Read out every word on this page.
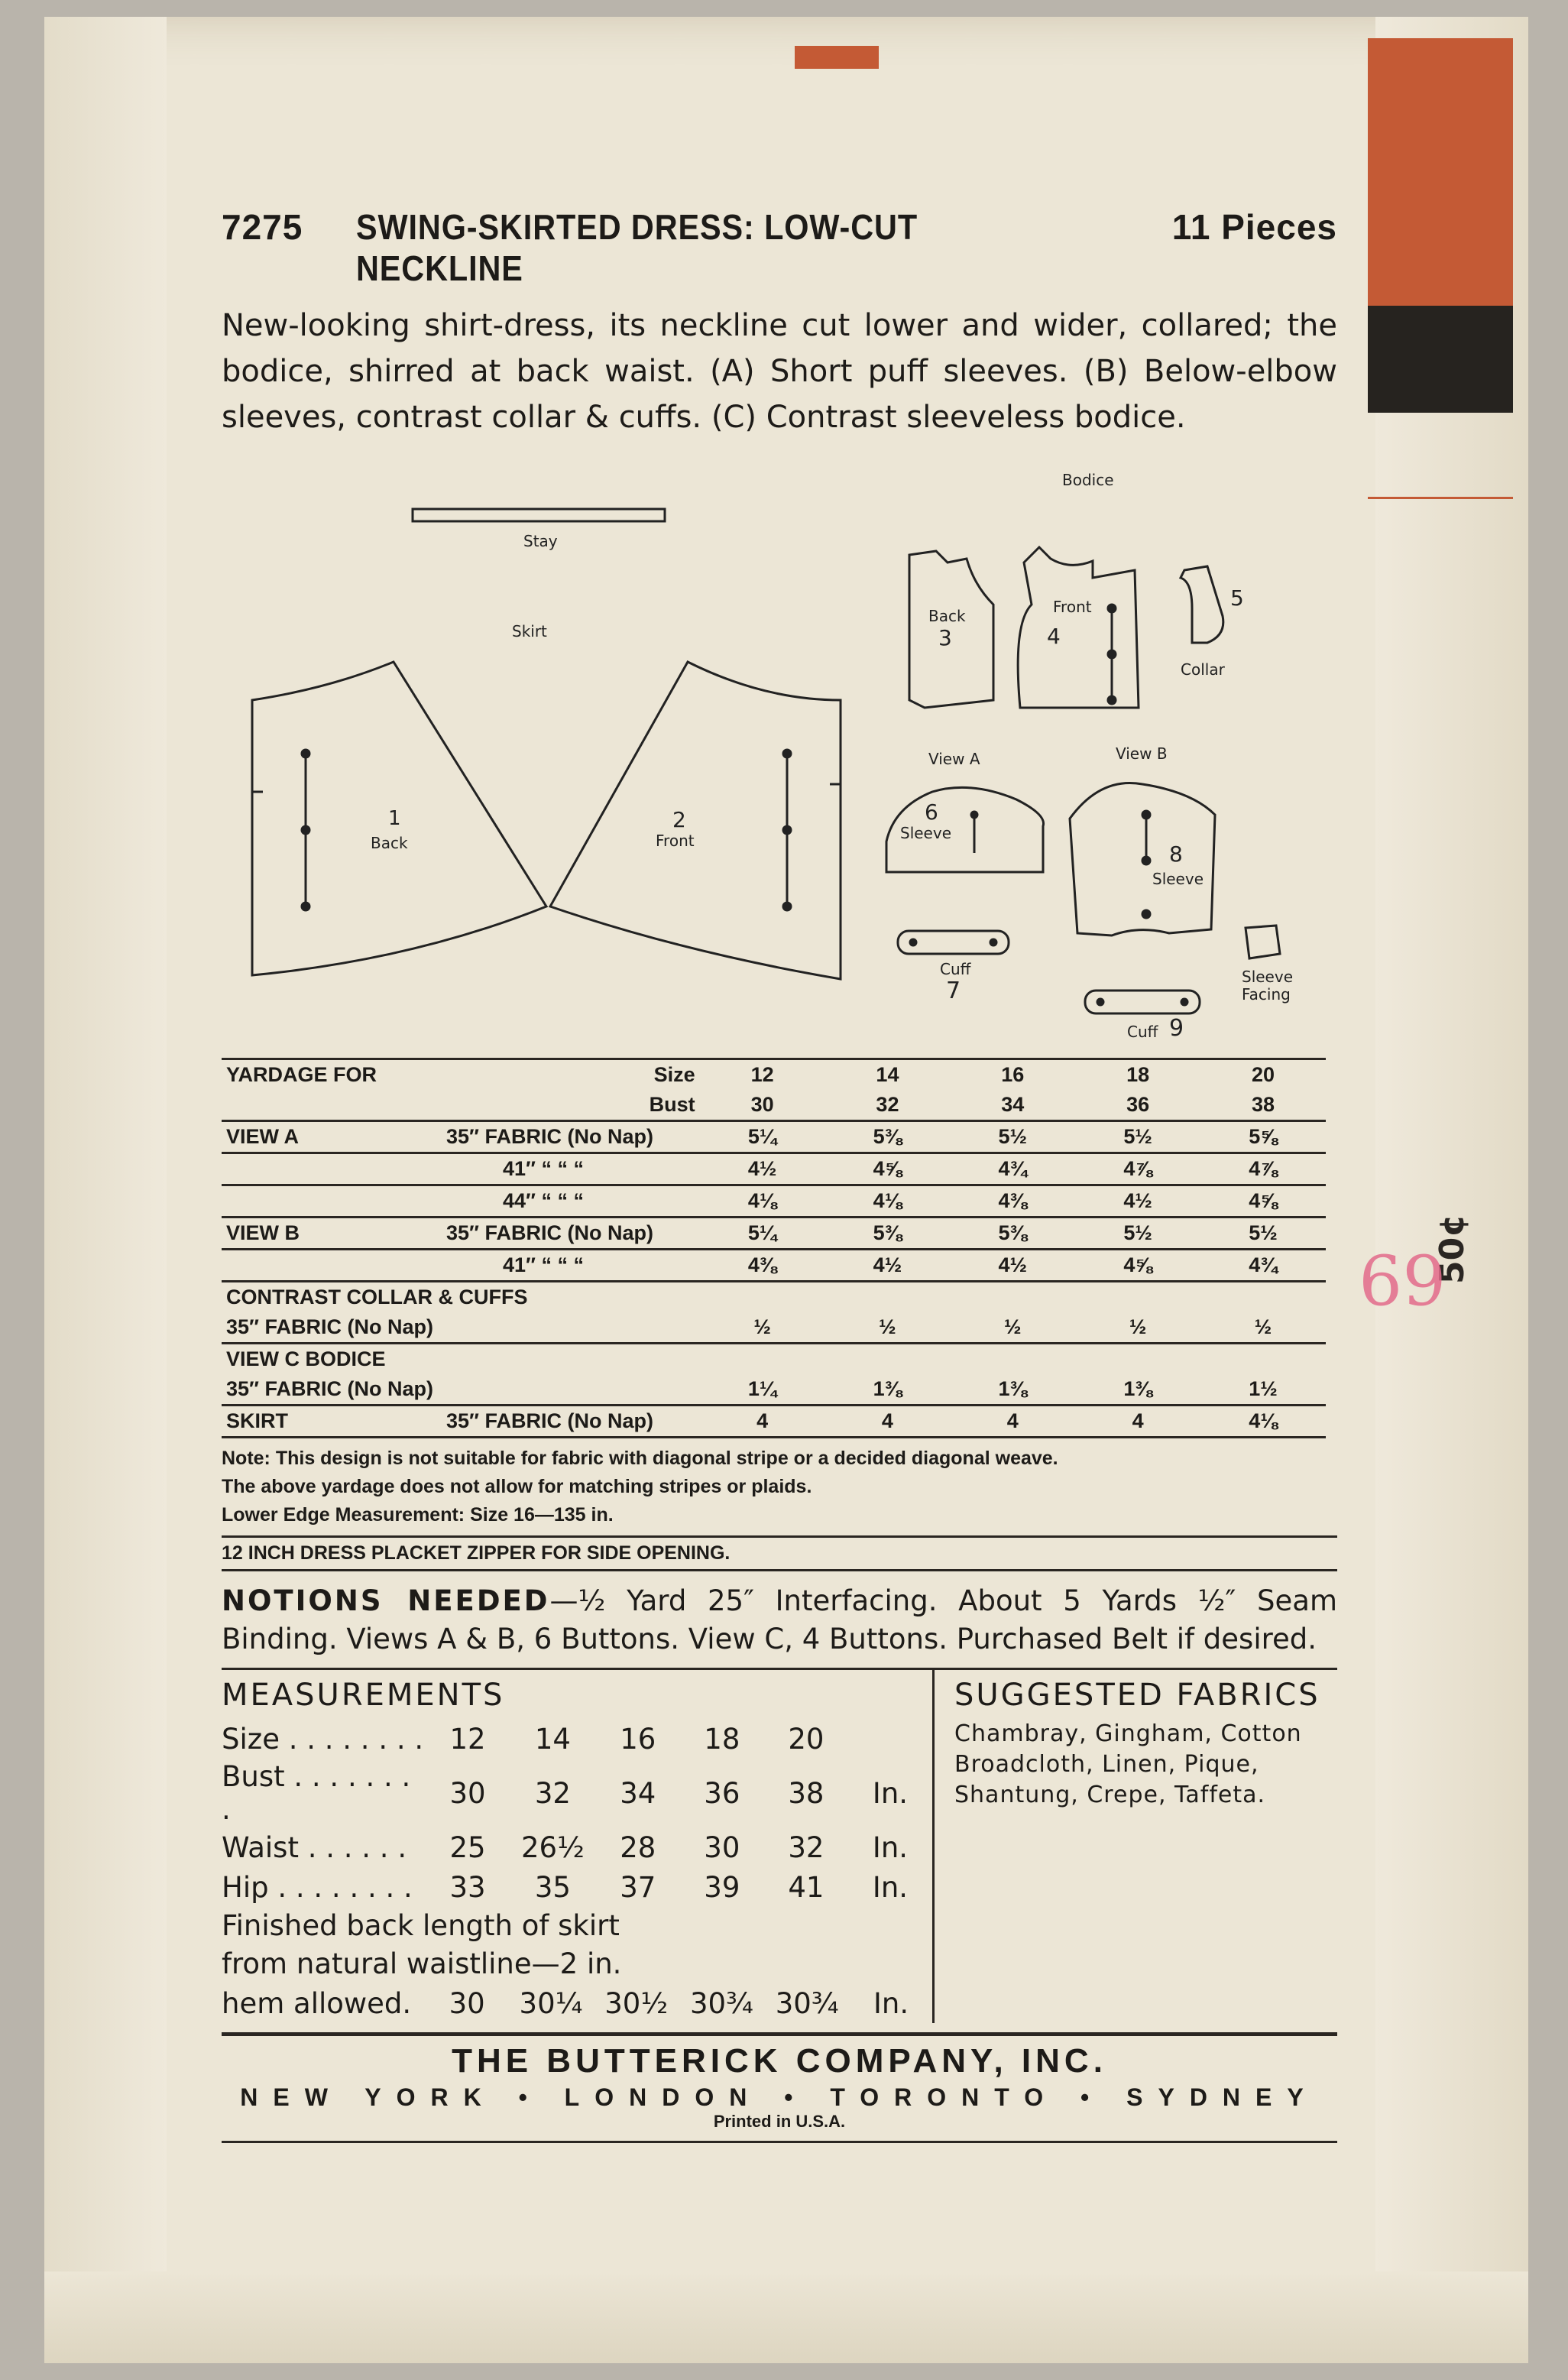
50¢
69
7275 SWING-SKIRTED DRESS: LOW-CUT NECKLINE
11 Pieces
New-looking shirt-dress, its neckline cut lower and wider, collared; the bodice, shirred at back waist. (A) Short puff sleeves. (B) Below-elbow sleeves, contrast collar & cuffs. (C) Contrast sleeveless bodice.
Stay
Skirt
1
Back
2
Front
Bodice
Back
3
Front
4
5
Collar
View A	View B
6
Sleeve
8
Sleeve
Cuff
7
Cuff 9
Sleeve
Facing
YARDAGE FOR	Size	12	14	16	18	20
	Bust	30	32	34	36	38
VIEW A	35″ FABRIC (No Nap)	5¼	5⅜	5½	5½	5⅝
	41″ “ “ “	4½	4⅝	4¾	4⅞	4⅞
	44″ “ “ “	4⅛	4⅛	4⅜	4½	4⅝
VIEW B	35″ FABRIC (No Nap)	5¼	5⅜	5⅜	5½	5½
	41″ “ “ “	4⅜	4½	4½	4⅝	4¾
CONTRAST COLLAR & CUFFS						
35″ FABRIC (No Nap)		½	½	½	½	½
VIEW C BODICE						
35″ FABRIC (No Nap)		1¼	1⅜	1⅜	1⅜	1½
SKIRT	35″ FABRIC (No Nap)	4	4	4	4	4⅛
Note: This design is not suitable for fabric with diagonal stripe or a decided diagonal weave.
The above yardage does not allow for matching stripes or plaids.
Lower Edge Measurement: Size 16—135 in.
12 INCH DRESS PLACKET ZIPPER FOR SIDE OPENING.
NOTIONS NEEDED—½ Yard 25″ Interfacing. About 5 Yards ½″ Seam Binding. Views A & B, 6 Buttons. View C, 4 Buttons. Purchased Belt if desired.
MEASUREMENTS
Size . . . . . . . .	12	14	16	18	20	
Bust . . . . . . . .	30	32	34	36	38	In.
Waist . . . . . .	25	26½	28	30	32	In.
Hip . . . . . . . .	33	35	37	39	41	In.
Finished back length of skirt
from natural waistline—2 in.
hem allowed.	30	30¼	30½	30¾	30¾	In.
SUGGESTED FABRICS

Chambray, Gingham, Cotton Broadcloth, Linen, Pique, Shantung, Crepe, Taffeta.

THE BUTTERICK COMPANY, INC.
NEW YORK • LONDON • TORONTO • SYDNEY
Printed in U.S.A.
